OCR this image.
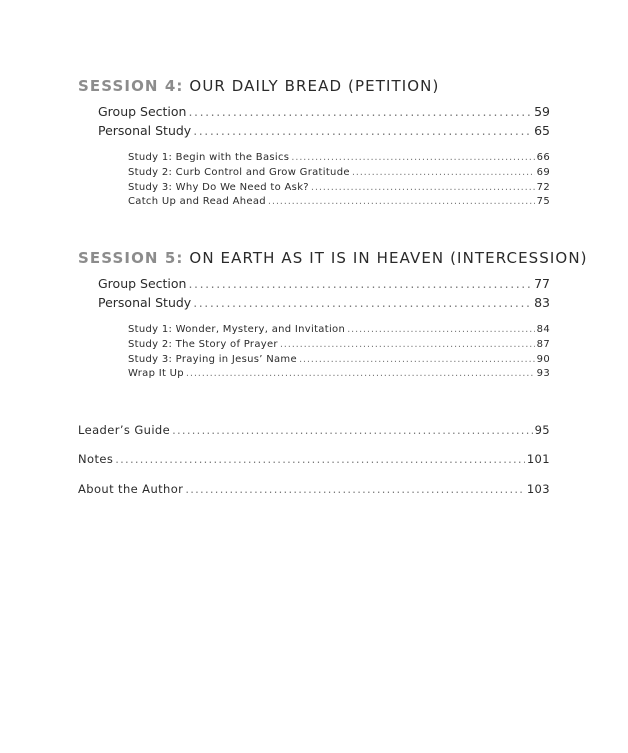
SESSION 4: OUR DAILY BREAD (PETITION)
Group Section . . .	59
Personal Study . . .	65
Study 1: Begin with the Basics . . .	66
Study 2: Curb Control and Grow Gratitude . . .	69
Study 3: Why Do We Need to Ask? . . .	72
Catch Up and Read Ahead . . .	75
SESSION 5: ON EARTH AS IT IS IN HEAVEN (INTERCESSION)
Group Section . . .	77
Personal Study . . .	83
Study 1: Wonder, Mystery, and Invitation . . .	84
Study 2: The Story of Prayer . . .	87
Study 3: Praying in Jesus’ Name . . .	90
Wrap It Up . . .	93
Leader’s Guide . . .	95
Notes . . .	101
About the Author . . .	103
